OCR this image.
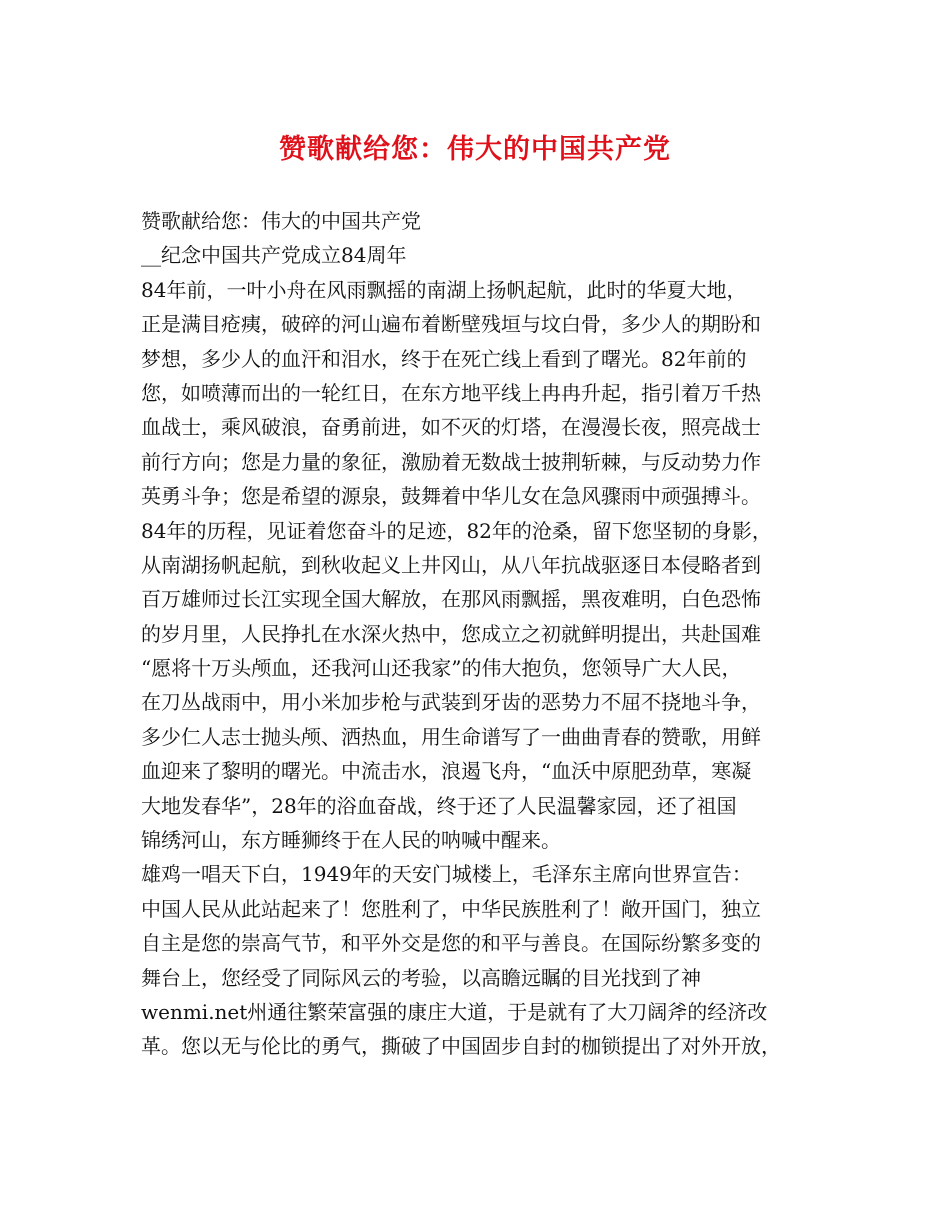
赞歌献给您：伟大的中国共产党
赞歌献给您：伟大的中国共产党
__纪念中国共产党成立84周年
84年前，一叶小舟在风雨飘摇的南湖上扬帆起航，此时的华夏大地，
正是满目疮痍，破碎的河山遍布着断壁残垣与坟白骨，多少人的期盼和
梦想，多少人的血汗和泪水，终于在死亡线上看到了曙光。82年前的
您，如喷薄而出的一轮红日，在东方地平线上冉冉升起，指引着万千热
血战士，乘风破浪，奋勇前进，如不灭的灯塔，在漫漫长夜，照亮战士
前行方向；您是力量的象征，激励着无数战士披荆斩棘，与反动势力作
英勇斗争；您是希望的源泉，鼓舞着中华儿女在急风骤雨中顽强搏斗。
84年的历程，见证着您奋斗的足迹，82年的沧桑，留下您坚韧的身影，
从南湖扬帆起航，到秋收起义上井冈山，从八年抗战驱逐日本侵略者到
百万雄师过长江实现全国大解放，在那风雨飘摇，黑夜难明，白色恐怖
的岁月里，人民挣扎在水深火热中，您成立之初就鲜明提出，共赴国难
“愿将十万头颅血，还我河山还我家”的伟大抱负，您领导广大人民，
在刀丛战雨中，用小米加步枪与武装到牙齿的恶势力不屈不挠地斗争，
多少仁人志士抛头颅、洒热血，用生命谱写了一曲曲青春的赞歌，用鲜
血迎来了黎明的曙光。中流击水，浪遏飞舟，“血沃中原肥劲草，寒凝
大地发春华”，28年的浴血奋战，终于还了人民温馨家园，还了祖国
锦绣河山，东方睡狮终于在人民的呐喊中醒来。
雄鸡一唱天下白，1949年的天安门城楼上，毛泽东主席向世界宣告：
中国人民从此站起来了！您胜利了，中华民族胜利了！敞开国门，独立
自主是您的崇高气节，和平外交是您的和平与善良。在国际纷繁多变的
舞台上，您经受了同际风云的考验，以高瞻远瞩的目光找到了神
wenmi.net州通往繁荣富强的康庄大道，于是就有了大刀阔斧的经济改
革。您以无与伦比的勇气，撕破了中国固步自封的枷锁提出了对外开放，
